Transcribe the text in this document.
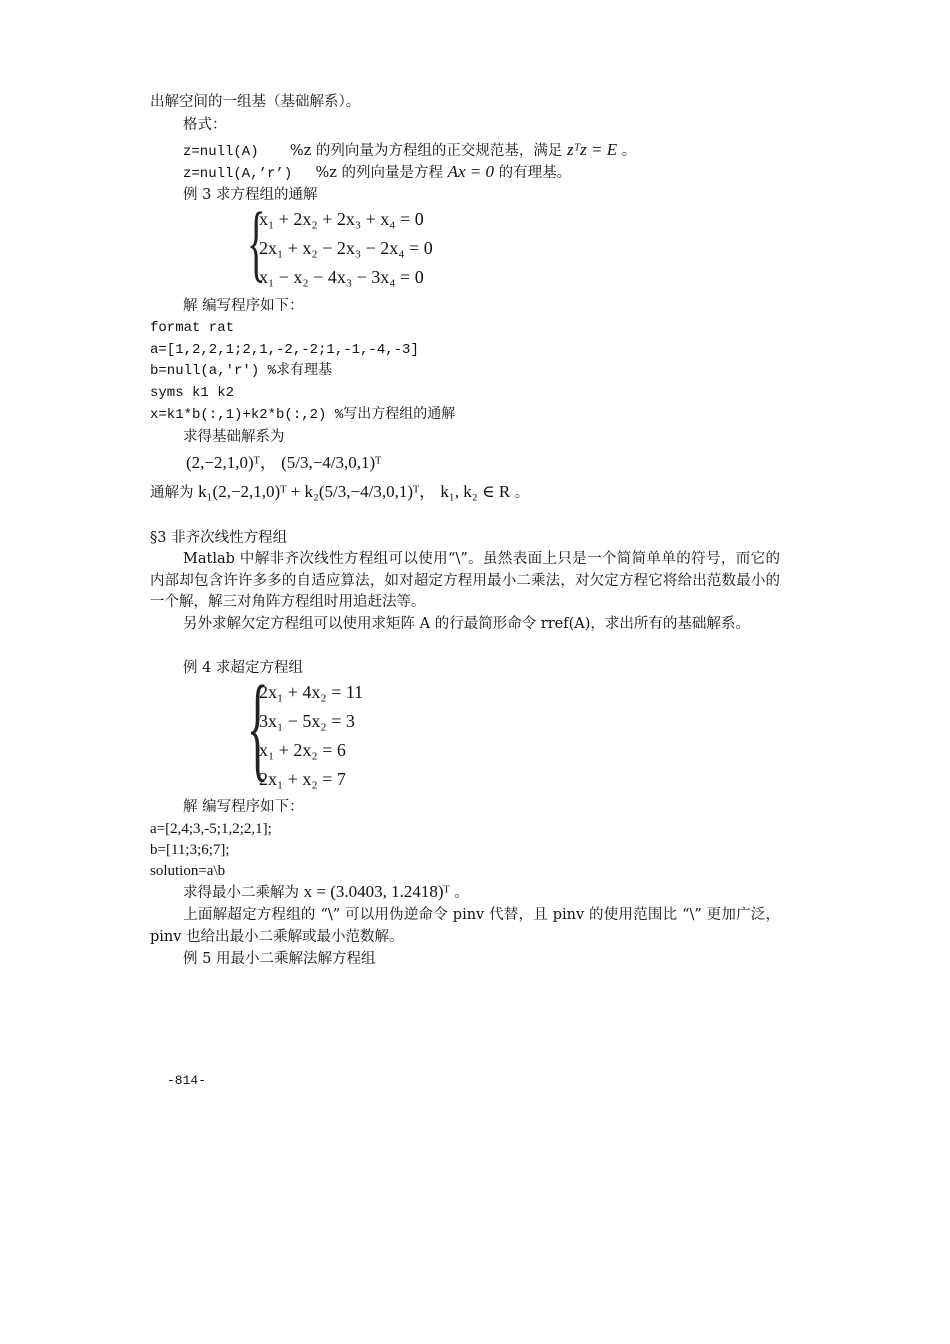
出解空间的一组基（基础解系）。
格式：
z=null(A) %z 的列向量为方程组的正交规范基，满足 zᵀz = E 。
z=null(A,’r’) %z 的列向量是方程 Ax = 0 的有理基。
例 3 求方程组的通解
{
x₁ + 2x₂ + 2x₃ + x₄ = 0
2x₁ + x₂ − 2x₃ − 2x₄ = 0
x₁ − x₂ − 4x₃ − 3x₄ = 0
解 编写程序如下：
format rat
a=[1,2,2,1;2,1,-2,-2;1,-1,-4,-3]
b=null(a,'r') %求有理基
syms k1 k2
x=k1*b(:,1)+k2*b(:,2) %写出方程组的通解
求得基础解系为
(2,−2,1,0)ᵀ， (5/3,−4/3,0,1)ᵀ
通解为 k₁(2,−2,1,0)ᵀ + k₂(5/3,−4/3,0,1)ᵀ， k₁, k₂ ∈ R 。
§3 非齐次线性方程组
Matlab 中解非齐次线性方程组可以使用“\”。虽然表面上只是一个简简单单的符号，而它的内部却包含许许多多的自适应算法，如对超定方程用最小二乘法，对欠定方程它将给出范数最小的一个解，解三对角阵方程组时用追赶法等。
另外求解欠定方程组可以使用求矩阵 A 的行最简形命令 rref(A)，求出所有的基础解系。
例 4 求超定方程组
{
2x₁ + 4x₂ = 11
3x₁ − 5x₂ = 3
x₁ + 2x₂ = 6
2x₁ + x₂ = 7
解 编写程序如下：
a=[2,4;3,-5;1,2;2,1];
b=[11;3;6;7];
solution=a\b
求得最小二乘解为 x = (3.0403, 1.2418)ᵀ 。
上面解超定方程组的 “\” 可以用伪逆命令 pinv 代替，且 pinv 的使用范围比 “\” 更加广泛，pinv 也给出最小二乘解或最小范数解。
例 5 用最小二乘解法解方程组
-814-
